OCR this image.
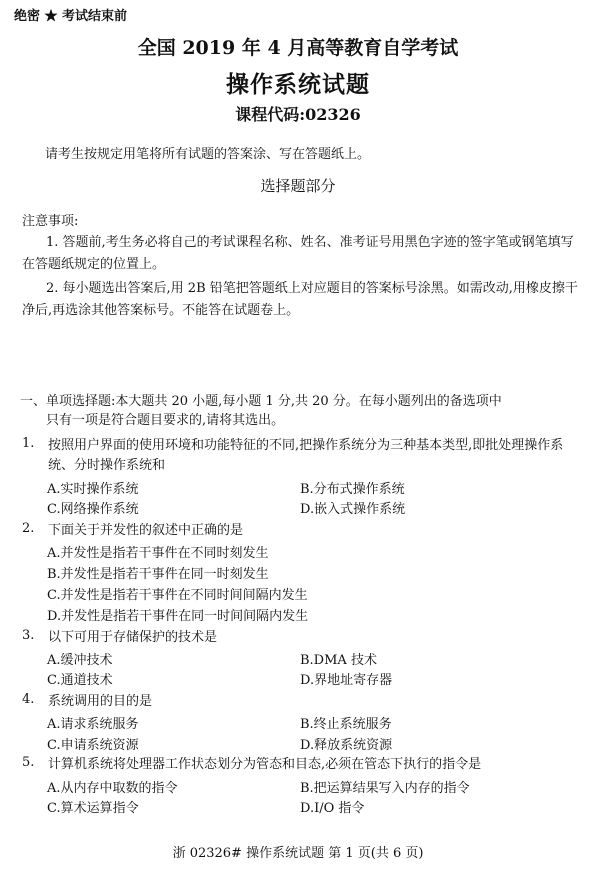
绝密 ★ 考试结束前
全国 2019 年 4 月高等教育自学考试
操作系统试题
课程代码:02326
请考生按规定用笔将所有试题的答案涂、写在答题纸上。
选择题部分
注意事项:
1. 答题前,考生务必将自己的考试课程名称、姓名、准考证号用黑色字迹的签字笔或钢笔填写在答题纸规定的位置上。
2. 每小题选出答案后,用 2B 铅笔把答题纸上对应题目的答案标号涂黑。如需改动,用橡皮擦干净后,再选涂其他答案标号。不能答在试题卷上。
一、单项选择题:本大题共 20 小题,每小题 1 分,共 20 分。在每小题列出的备选项中
只有一项是符合题目要求的,请将其选出。
1. 按照用户界面的使用环境和功能特征的不同,把操作系统分为三种基本类型,即批处理操作系统、分时操作系统和
A.实时操作系统	B.分布式操作系统
C.网络操作系统	D.嵌入式操作系统
2. 下面关于并发性的叙述中正确的是
A.并发性是指若干事件在不同时刻发生
B.并发性是指若干事件在同一时刻发生
C.并发性是指若干事件在不同时间间隔内发生
D.并发性是指若干事件在同一时间间隔内发生
3. 以下可用于存储保护的技术是
A.缓冲技术	B.DMA 技术
C.通道技术	D.界地址寄存器
4. 系统调用的目的是
A.请求系统服务	B.终止系统服务
C.申请系统资源	D.释放系统资源
5. 计算机系统将处理器工作状态划分为管态和目态,必须在管态下执行的指令是
A.从内存中取数的指令	B.把运算结果写入内存的指令
C.算术运算指令	D.I/O 指令
浙 02326# 操作系统试题 第 1 页(共 6 页)
